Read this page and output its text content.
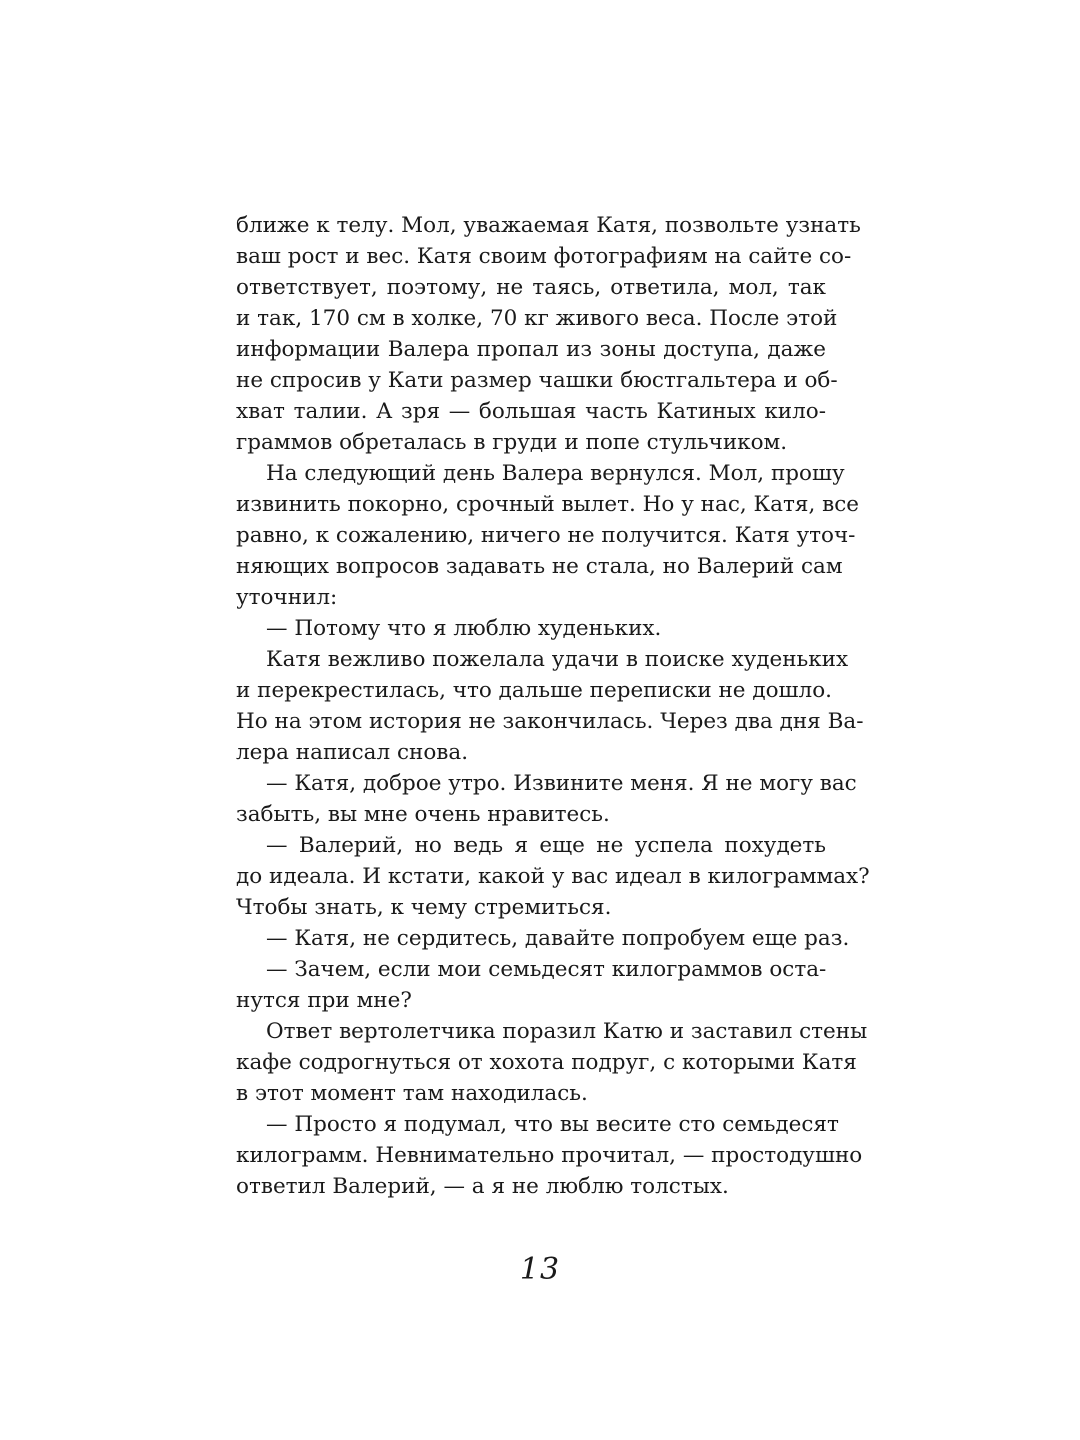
ближе к телу. Мол, уважаемая Катя, позвольте узнать
ваш рост и вес. Катя своим фотографиям на сайте со-
ответствует, поэтому, не таясь, ответила, мол, так
и так, 170 см в холке, 70 кг живого веса. После этой
информации Валера пропал из зоны доступа, даже
не спросив у Кати размер чашки бюстгальтера и об-
хват талии. А зря — большая часть Катиных кило-
граммов обреталась в груди и попе стульчиком.
На следующий день Валера вернулся. Мол, прошу
извинить покорно, срочный вылет. Но у нас, Катя, все
равно, к сожалению, ничего не получится. Катя уточ-
няющих вопросов задавать не стала, но Валерий сам
уточнил:
— Потому что я люблю худеньких.
Катя вежливо пожелала удачи в поиске худеньких
и перекрестилась, что дальше переписки не дошло.
Но на этом история не закончилась. Через два дня Ва-
лера написал снова.
— Катя, доброе утро. Извините меня. Я не могу вас
забыть, вы мне очень нравитесь.
— Валерий, но ведь я еще не успела похудеть
до идеала. И кстати, какой у вас идеал в килограммах?
Чтобы знать, к чему стремиться.
— Катя, не сердитесь, давайте попробуем еще раз.
— Зачем, если мои семьдесят килограммов оста-
нутся при мне?
Ответ вертолетчика поразил Катю и заставил стены
кафе содрогнуться от хохота подруг, с которыми Катя
в этот момент там находилась.
— Просто я подумал, что вы весите сто семьдесят
килограмм. Невнимательно прочитал, — простодушно
ответил Валерий, — а я не люблю толстых.
13
